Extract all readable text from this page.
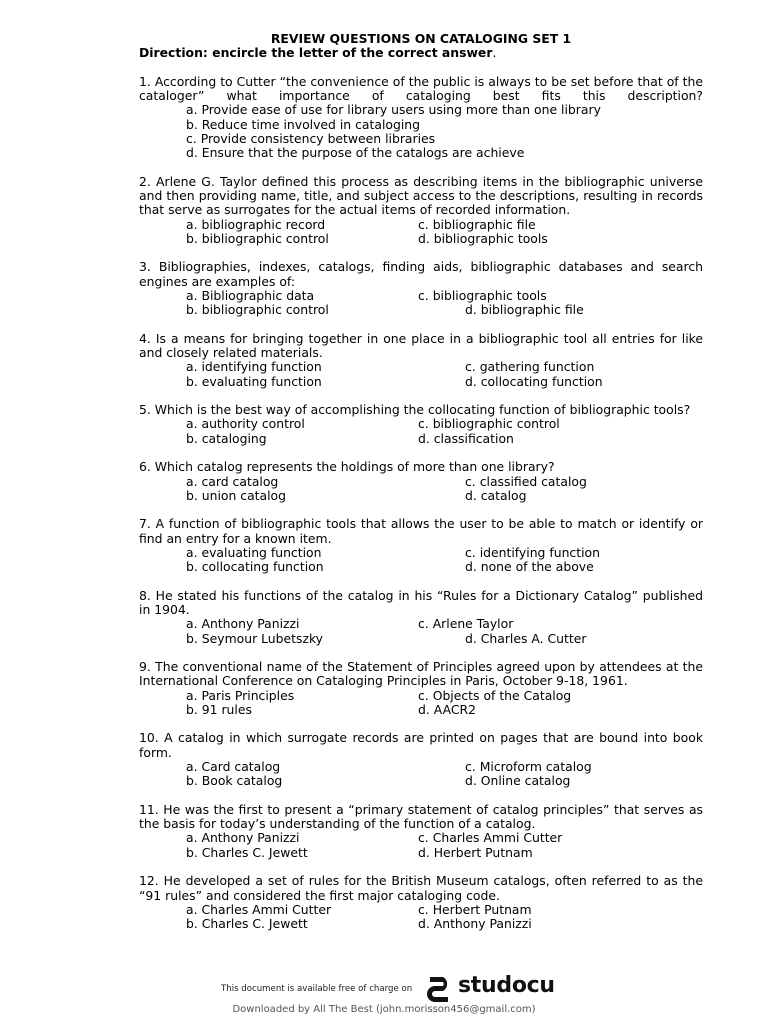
REVIEW QUESTIONS ON CATALOGING SET 1
Direction: encircle the letter of the correct answer.
1. According to Cutter “the convenience of the public is always to be set before that of the cataloger” what importance of cataloging best fits this description?
a. Provide ease of use for library users using more than one library
b. Reduce time involved in cataloging
c. Provide consistency between libraries
d. Ensure that the purpose of the catalogs are achieve
2. Arlene G. Taylor defined this process as describing items in the bibliographic universe and then providing name, title, and subject access to the descriptions, resulting in records that serve as surrogates for the actual items of recorded information.
a. bibliographic record	c. bibliographic file
b. bibliographic control	d. bibliographic tools
3. Bibliographies, indexes, catalogs, finding aids, bibliographic databases and search engines are examples of:
a. Bibliographic data	c. bibliographic tools
b. bibliographic control	d. bibliographic file
4. Is a means for bringing together in one place in a bibliographic tool all entries for like and closely related materials.
a. identifying function	c. gathering function
b. evaluating function	d. collocating function
5. Which is the best way of accomplishing the collocating function of bibliographic tools?
a. authority control	c. bibliographic control
b. cataloging	d. classification
6. Which catalog represents the holdings of more than one library?
a. card catalog	c. classified catalog
b. union catalog	d. catalog
7. A function of bibliographic tools that allows the user to be able to match or identify or find an entry for a known item.
a. evaluating function	c. identifying function
b. collocating function	d. none of the above
8. He stated his functions of the catalog in his “Rules for a Dictionary Catalog” published in 1904.
a. Anthony Panizzi	c. Arlene Taylor
b. Seymour Lubetszky	d. Charles A. Cutter
9. The conventional name of the Statement of Principles agreed upon by attendees at the International Conference on Cataloging Principles in Paris, October 9-18, 1961.
a. Paris Principles	c. Objects of the Catalog
b. 91 rules	d. AACR2
10. A catalog in which surrogate records are printed on pages that are bound into book form.
a. Card catalog	c. Microform catalog
b. Book catalog	d. Online catalog
11. He was the first to present a “primary statement of catalog principles” that serves as the basis for today’s understanding of the function of a catalog.
a. Anthony Panizzi	c. Charles Ammi Cutter
b. Charles C. Jewett	d. Herbert Putnam
12. He developed a set of rules for the British Museum catalogs, often referred to as the “91 rules” and considered the first major cataloging code.
a. Charles Ammi Cutter	c. Herbert Putnam
b. Charles C. Jewett	d. Anthony Panizzi
This document is available free of charge on studocu
Downloaded by All The Best (john.morisson456@gmail.com)
